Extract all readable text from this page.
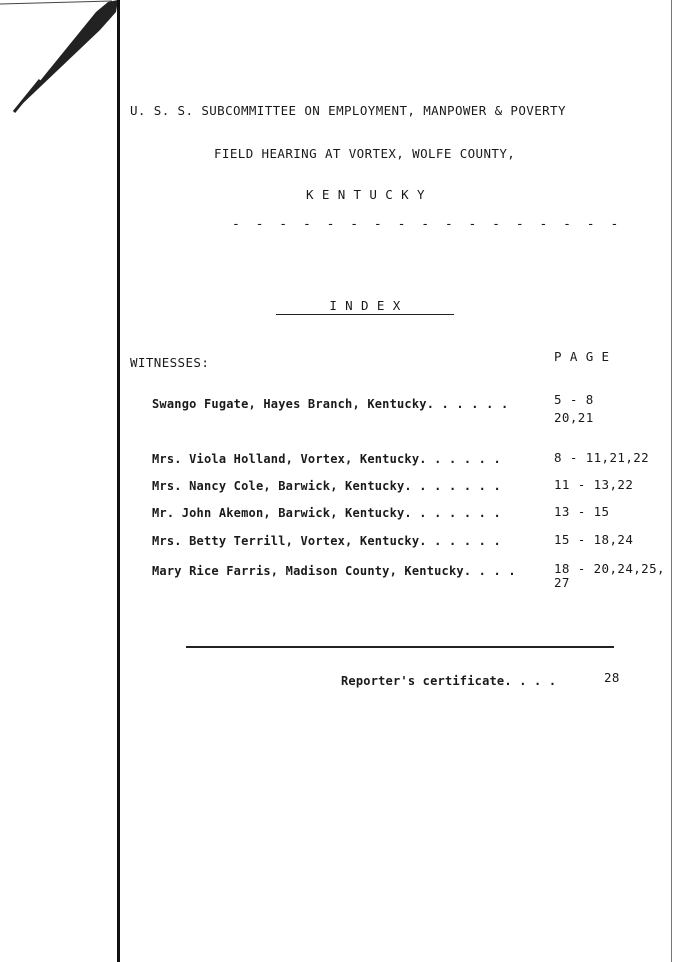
U. S. S. SUBCOMMITTEE ON EMPLOYMENT, MANPOWER & POVERTY
FIELD HEARING AT VORTEX, WOLFE COUNTY,
K E N T U C K Y
- - - - - - - - - - - - - - - - -
I N D E X
WITNESSES:	P A G E
Swango Fugate, Hayes Branch, Kentucky. . . . . .	5 - 8
20,21
Mrs. Viola Holland, Vortex, Kentucky. . . . . .	8 - 11,21,22
Mrs. Nancy Cole, Barwick, Kentucky. . . . . . .	11 - 13,22
Mr. John Akemon, Barwick, Kentucky. . . . . . .	13 - 15
Mrs. Betty Terrill, Vortex, Kentucky. . . . . .	15 - 18,24
Mary Rice Farris, Madison County, Kentucky. . . .	18 - 20,24,25,
27
Reporter's certificate. . . .	28
